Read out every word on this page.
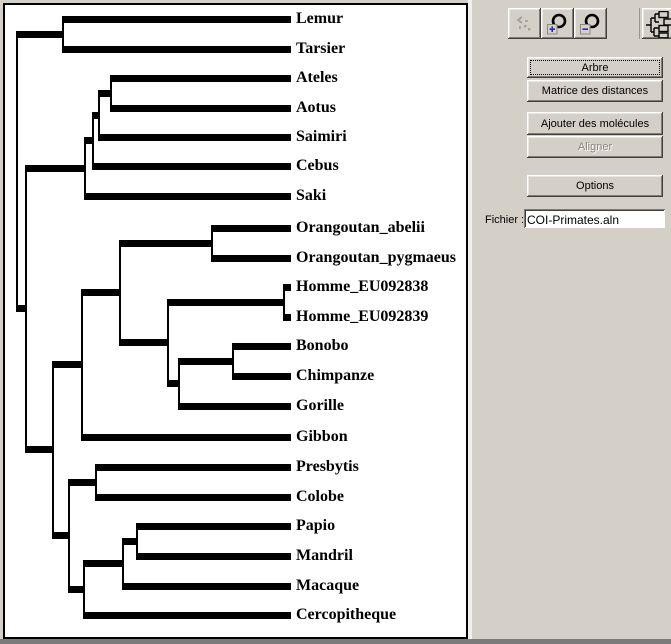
Lemur
Tarsier
Ateles
Aotus
Saimiri
Cebus
Saki
Orangoutan_abelii
Orangoutan_pygmaeus
Homme_EU092838
Homme_EU092839
Bonobo
Chimpanze
Gorille
Gibbon
Presbytis
Colobe
Papio
Mandril
Macaque
Cercopitheque
Arbre
Matrice des distances
Ajouter des molécules
Aligner
Options
Fichier :
COI-Primates.aln
